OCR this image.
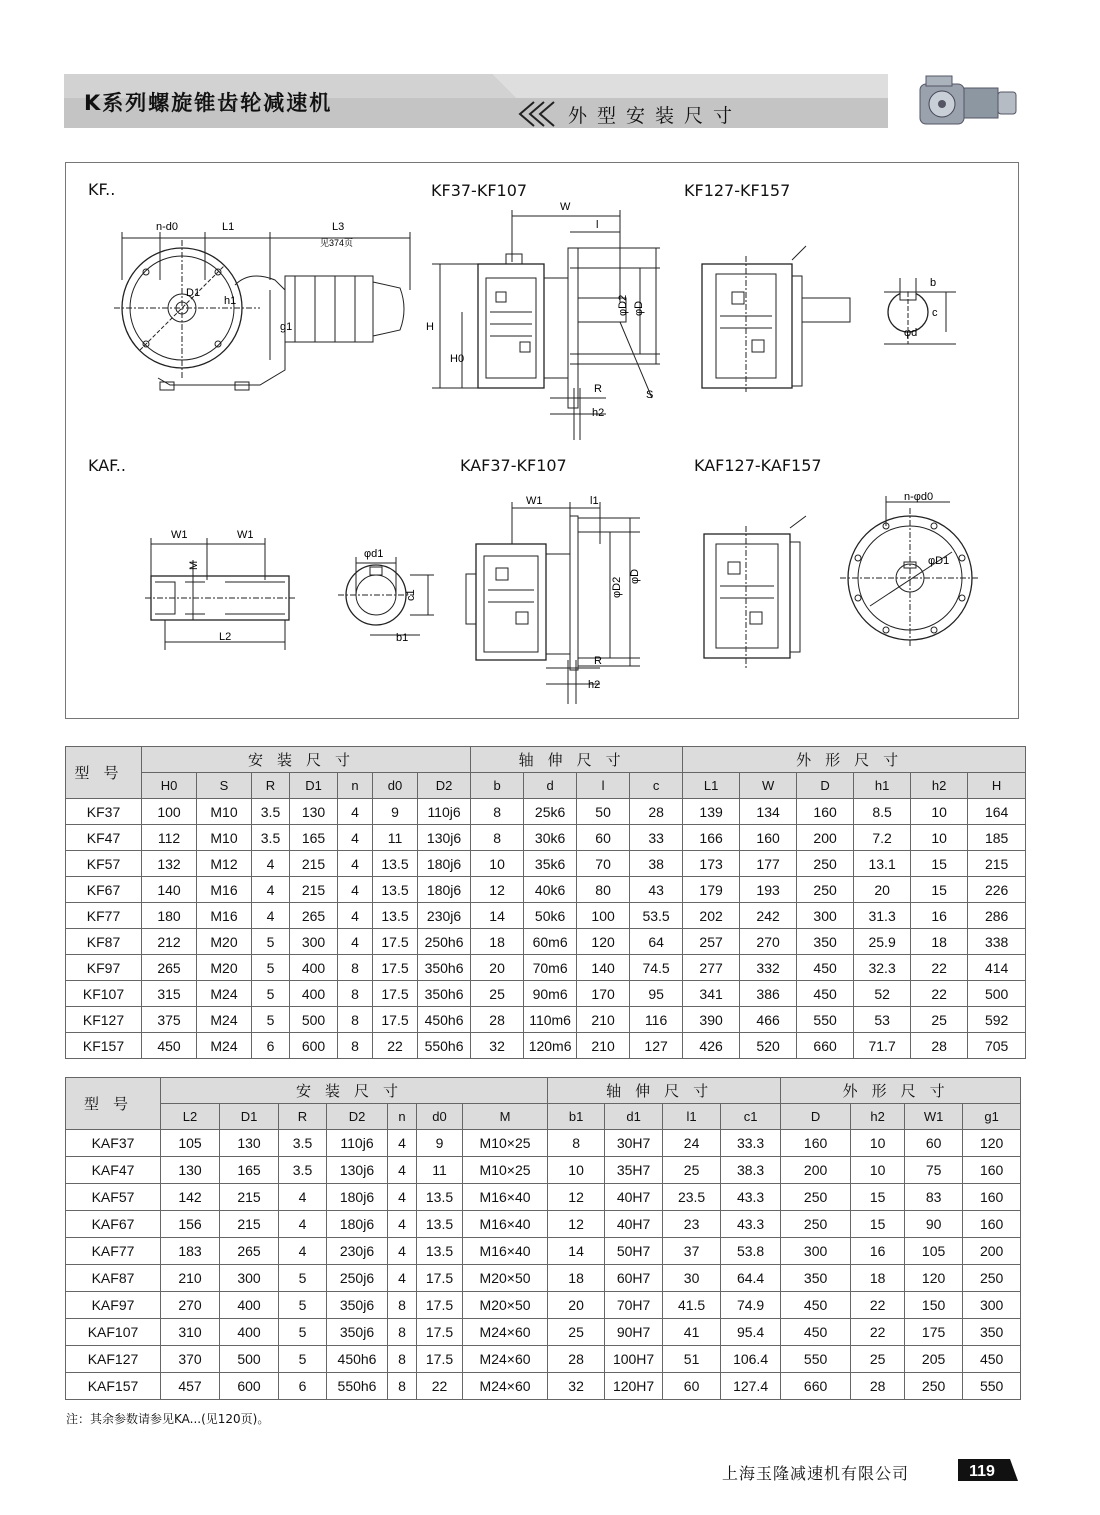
K系列螺旋锥齿轮减速机
外型安装尺寸
KF..	KF37-KF107	KF127-KF157
KAF..	KAF37-KF107	KAF127-KAF157
n-d0	L1	L3
见374页
D1
h1
g1
W
l
H
H0
φD2 φD
R
h2
S
b
c
φd
W1	W1
M
L2
φd1
c1
b1
W1	l1
φD2
φD
R
h2
n-φd0
φD1
型号	安装尺寸							轴伸尺寸				外形尺寸					
	H0	S	R	D1	n	d0	D2	b	d	l	c	L1	W	D	h1	h2	H
KF37	100	M10	3.5	130	4	9	110j6	8	25k6	50	28	139	134	160	8.5	10	164
KF47	112	M10	3.5	165	4	11	130j6	8	30k6	60	33	166	160	200	7.2	10	185
KF57	132	M12	4	215	4	13.5	180j6	10	35k6	70	38	173	177	250	13.1	15	215
KF67	140	M16	4	215	4	13.5	180j6	12	40k6	80	43	179	193	250	20	15	226
KF77	180	M16	4	265	4	13.5	230j6	14	50k6	100	53.5	202	242	300	31.3	16	286
KF87	212	M20	5	300	4	17.5	250h6	18	60m6	120	64	257	270	350	25.9	18	338
KF97	265	M20	5	400	8	17.5	350h6	20	70m6	140	74.5	277	332	450	32.3	22	414
KF107	315	M24	5	400	8	17.5	350h6	25	90m6	170	95	341	386	450	52	22	500
KF127	375	M24	5	500	8	17.5	450h6	28	110m6	210	116	390	466	550	53	25	592
KF157	450	M24	6	600	8	22	550h6	32	120m6	210	127	426	520	660	71.7	28	705
型号	安装尺寸							轴伸尺寸				外形尺寸			
	L2	D1	R	D2	n	d0	M	b1	d1	l1	c1	D	h2	W1	g1
KAF37	105	130	3.5	110j6	4	9	M10×25	8	30H7	24	33.3	160	10	60	120
KAF47	130	165	3.5	130j6	4	11	M10×25	10	35H7	25	38.3	200	10	75	160
KAF57	142	215	4	180j6	4	13.5	M16×40	12	40H7	23.5	43.3	250	15	83	160
KAF67	156	215	4	180j6	4	13.5	M16×40	12	40H7	23	43.3	250	15	90	160
KAF77	183	265	4	230j6	4	13.5	M16×40	14	50H7	37	53.8	300	16	105	200
KAF87	210	300	5	250j6	4	17.5	M20×50	18	60H7	30	64.4	350	18	120	250
KAF97	270	400	5	350j6	8	17.5	M20×50	20	70H7	41.5	74.9	450	22	150	300
KAF107	310	400	5	350j6	8	17.5	M24×60	25	90H7	41	95.4	450	22	175	350
KAF127	370	500	5	450h6	8	17.5	M24×60	28	100H7	51	106.4	550	25	205	450
KAF157	457	600	6	550h6	8	22	M24×60	32	120H7	60	127.4	660	28	250	550
注：其余参数请参见KA...(见120页)。
上海玉隆减速机有限公司	119
